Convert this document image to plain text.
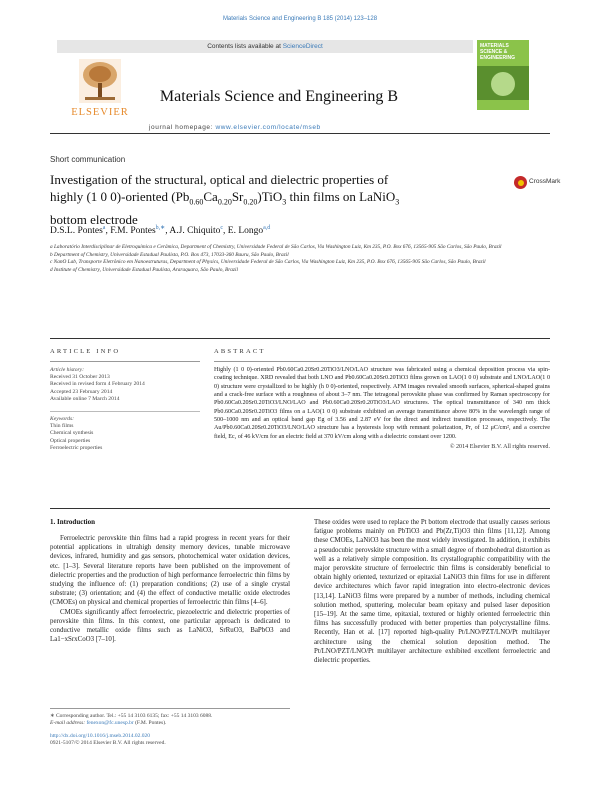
Materials Science and Engineering B 185 (2014) 123–128
Contents lists available at ScienceDirect
ELSEVIER
Materials Science and Engineering B
journal homepage: www.elsevier.com/locate/mseb
MATERIALS SCIENCE & ENGINEERING
Short communication
Investigation of the structural, optical and dielectric properties of
highly (1 0 0)-oriented $(Pb_{0.60}Ca_{0.20}Sr_{0.20})TiO_3$ thin films on LaNiO$_3$
bottom electrode
CrossMark
D.S.L. Pontes$^a$, F.M. Pontes$^{b,∗}$, A.J. Chiquito$^c$, E. Longo$^{a,d}$
a Laboratório Interdisciplinar de Eletroquímica e Cerâmica, Department of Chemistry, Universidade Federal de São Carlos, Via Washington Luiz, Km 235, P.O. Box 676, 13565-905 São Carlos, São Paulo, Brazil
b Department of Chemistry, Universidade Estadual Paulista, P.O. Box 473, 17033-360 Bauru, São Paulo, Brazil
c NanO Lab, Transporte Eletrônico em Nanoestruturas, Department of Physics, Universidade Federal de São Carlos, Via Washington Luiz, Km 235, P.O. Box 676, 13565-905 São Carlos, São Paulo, Brazil
d Institute of Chemistry, Universidade Estadual Paulista, Araraquara, São Paulo, Brazil
ARTICLE INFO
Article history:
Received 31 October 2013
Received in revised form 4 February 2014
Accepted 23 February 2014
Available online 7 March 2014
Keywords:
Thin films
Chemical synthesis
Optical properties
Ferroelectric properties
ABSTRACT
Highly (1 0 0)-oriented Pb0.60Ca0.20Sr0.20TiO3/LNO/LAO structure was fabricated using a chemical deposition process via spin-coating technique. XRD revealed that both LNO and Pb0.60Ca0.20Sr0.20TiO3 films grown on LAO(1 0 0) substrate and LNO/LAO(1 0 0) structure were crystallized to be highly (h 0 0)-oriented, respectively. AFM images revealed smooth surfaces, spherical-shaped grains and a crack-free surface with a roughness of about 3–7 nm. The tetragonal perovskite phase was confirmed by Raman spectroscopy for Pb0.60Ca0.20Sr0.20TiO3/LNO/LAO and Pb0.60Ca0.20Sr0.20TiO3/LAO structures. The optical transmittance of 340 nm thick Pb0.60Ca0.20Sr0.20TiO3 films on a LAO(1 0 0) substrate exhibited an average transmittance above 80% in the wavelength range of 500–1000 nm and an optical band gap Eg of 3.56 and 2.87 eV for the direct and indirect transition processes, respectively. The Au/Pb0.60Ca0.20Sr0.20TiO3/LNO/LAO structure has a hysteresis loop with remnant polarization, Pr, of 12 μC/cm², and a coercive field, Ec, of 46 kV/cm for an electric field at 370 kV/cm along with a dielectric constant over 1200.
© 2014 Elsevier B.V. All rights reserved.
1. Introduction
Ferroelectric perovskite thin films had a rapid progress in recent years for their potential applications in ultrahigh density memory devices, tunable microwave devices, infrared, humidity and gas sensors, photochemical water oxidation devices, etc. [1–3]. Several literature reports have been published on the improvement of dielectric properties and the production of high performance ferroelectric thin films by studying the influence of: (1) preparation conditions; (2) use of a single crystal substrate; (3) orientation; and (4) the effect of conductive metallic oxide electrodes (CMOEs) on physical and chemical properties of ferroelectric thin films [4–6].
CMOEs significantly affect ferroelectric, piezoelectric and dielectric properties of perovskite thin films. In this context, one particular approach is dedicated to conductive metallic oxide films such as LaNiO3, SrRuO3, BaPbO3 and La1−xSrxCoO3 [7–10].
These oxides were used to replace the Pt bottom electrode that usually causes serious fatigue problems mainly on PbTiO3 and Pb(Zr,Ti)O3 thin films [11,12]. Among these CMOEs, LaNiO3 has been the most widely investigated. In addition, it exhibits a pseudocubic perovskite structure with a small degree of rhombohedral distortion as well as a relatively simple composition. Its crystallographic compatibility with the major perovskite structure of ferroelectric thin films is considerably beneficial to obtain highly oriented, texturized or epitaxial LaNiO3 thin films for use in different device architectures which favor rapid integration into electro-electronic devices [13,14]. LaNiO3 films were prepared by a number of methods, including chemical solution method, sputtering, molecular beam epitaxy and pulsed laser deposition [15–19]. At the same time, epitaxial, textured or highly oriented ferroelectric thin films has successfully produced with better properties than polycrystalline films. Recently, Han et al. [17] reported high-quality Pt/LNO/PZT/LNO/Pt multilayer architecture using the chemical solution deposition method. The Pt/LNO/PZT/LNO/Pt multilayer architecture exhibited excellent ferroelectric and dielectric properties.
∗ Corresponding author. Tel.: +55 14 3103 6135; fax: +55 14 3103 6088.
E-mail address: fenexon@fc.unesp.br (F.M. Pontes).
http://dx.doi.org/10.1016/j.mseb.2014.02.020
0921-5107/© 2014 Elsevier B.V. All rights reserved.
